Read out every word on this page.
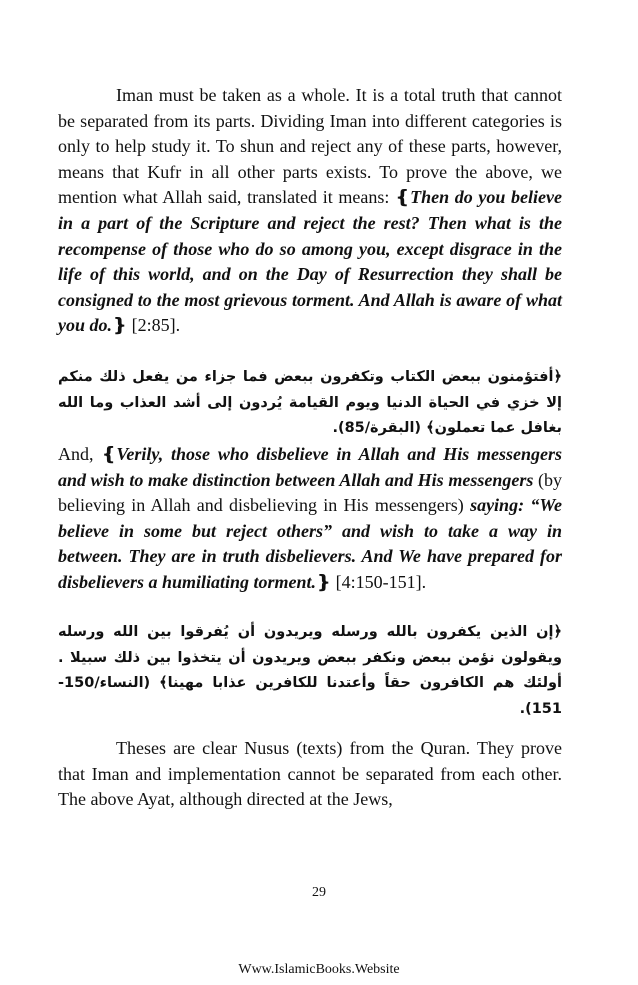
Iman must be taken as a whole. It is a total truth that cannot be separated from its parts. Dividing Iman into different categories is only to help study it. To shun and reject any of these parts, however, means that Kufr in all other parts exists. To prove the above, we mention what Allah said, translated it means: ❴Then do you believe in a part of the Scripture and reject the rest? Then what is the recompense of those who do so among you, except disgrace in the life of this world, and on the Day of Resurrection they shall be consigned to the most grievous torment. And Allah is aware of what you do.❵ [2:85].

﴿أفتؤمنون ببعض الكتاب وتكفرون ببعض فما جزاء من يفعل ذلك منكم إلا خزي في الحياة الدنيا ويوم القيامة يُردون إلى أشد العذاب وما الله بغافل عما تعملون﴾ (البقرة/85).

And, ❴Verily, those who disbelieve in Allah and His messengers and wish to make distinction between Allah and His messengers (by believing in Allah and disbelieving in His messengers) saying: “We believe in some but reject others” and wish to take a way in between. They are in truth disbelievers. And We have prepared for disbelievers a humiliating torment.❵ [4:150-151].

﴿إن الذين يكفرون بالله ورسله ويريدون أن يُفرقوا بين الله ورسله ويقولون نؤمن ببعض ونكفر ببعض ويريدون أن يتخذوا بين ذلك سبيلا . أولئك هم الكافرون حقاً وأعتدنا للكافرين عذابا مهينا﴾ (النساء/150-151).

Theses are clear Nusus (texts) from the Quran. They prove that Iman and implementation cannot be separated from each other. The above Ayat, although directed at the Jews,

29
Www.IslamicBooks.Website
